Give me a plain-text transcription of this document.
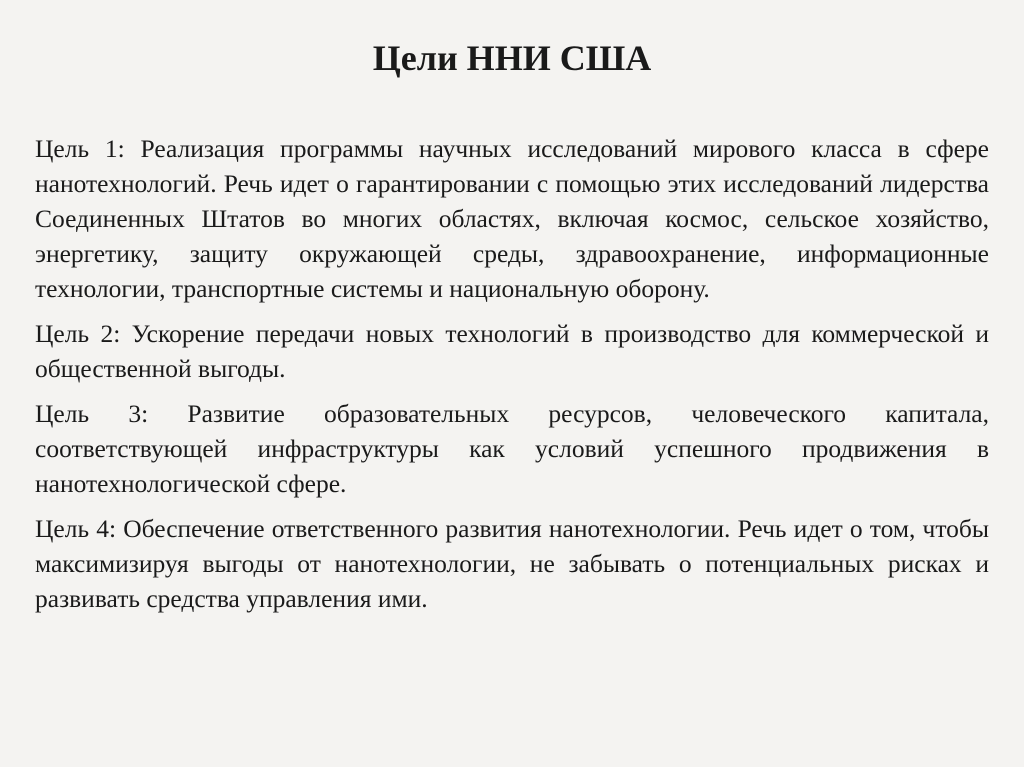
Цели ННИ США

Цель 1: Реализация программы научных исследований мирового класса в сфере нанотехнологий. Речь идет о гарантировании с помощью этих исследований лидерства Соединенных Штатов во многих областях, включая космос, сельское хозяйство, энергетику, защиту окружающей среды, здравоохранение, информационные технологии, транспортные системы и национальную оборону.

Цель 2: Ускорение передачи новых технологий в производство для коммерческой и общественной выгоды.

Цель 3: Развитие образовательных ресурсов, человеческого капитала, соответствующей инфраструктуры как условий успешного продвижения в нанотехнологической сфере.

Цель 4: Обеспечение ответственного развития нанотехнологии. Речь идет о том, чтобы максимизируя выгоды от нанотехнологии, не забывать о потенциальных рисках и развивать средства управления ими.
